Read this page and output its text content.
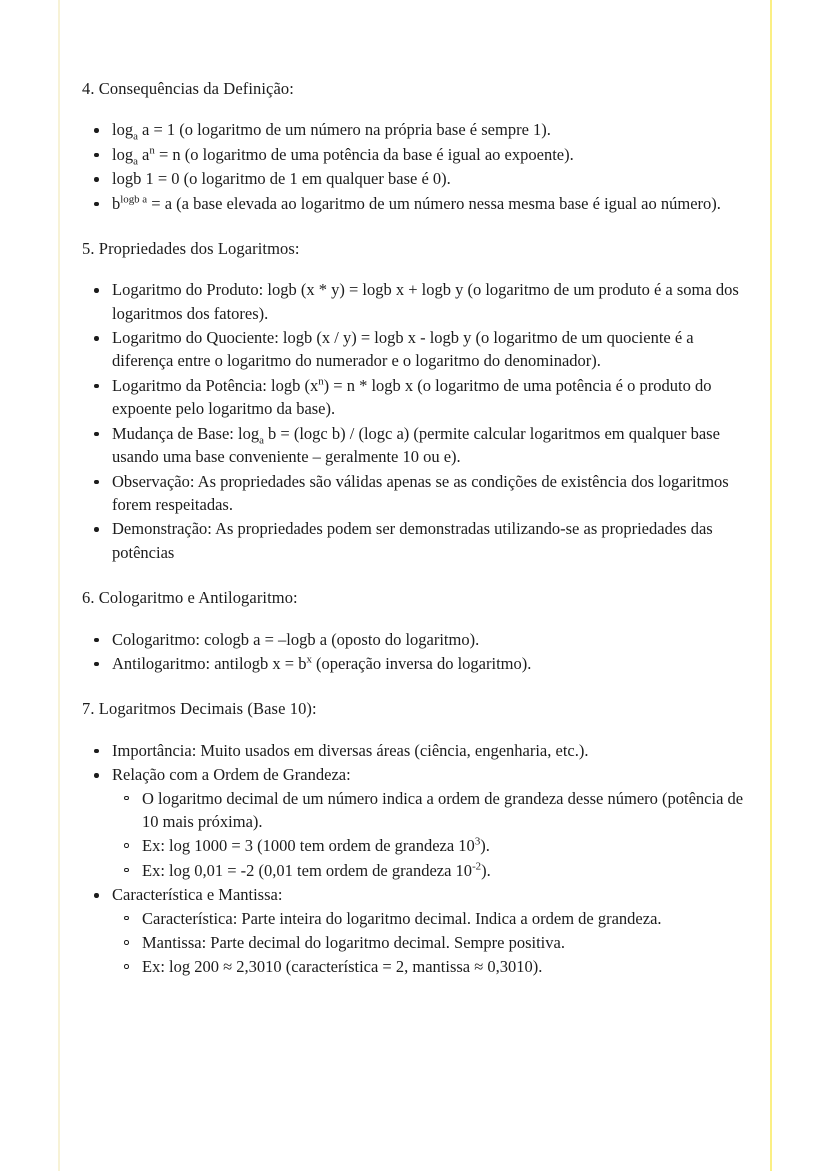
4. Consequências da Definição:
$\log_a a = 1$ (o logaritmo de um número na própria base é sempre 1).
$\log_a a^n = n$ (o logaritmo de uma potência da base é igual ao expoente).
logb 1 = 0 (o logaritmo de 1 em qualquer base é 0).
$b^{logb a} = a$ (a base elevada ao logaritmo de um número nessa mesma base é igual ao número).
5. Propriedades dos Logaritmos:
Logaritmo do Produto: logb (x * y) = logb x + logb y (o logaritmo de um produto é a soma dos logaritmos dos fatores).
Logaritmo do Quociente: logb (x / y) = logb x - logb y (o logaritmo de um quociente é a diferença entre o logaritmo do numerador e o logaritmo do denominador).
Logaritmo da Potência: logb $(x^n) = n * \log b$ x (o logaritmo de uma potência é o produto do expoente pelo logaritmo da base).
Mudança de Base: $\log_a b = (\log c$ b) / (logc a) (permite calcular logaritmos em qualquer base usando uma base conveniente – geralmente 10 ou e).
Observação: As propriedades são válidas apenas se as condições de existência dos logaritmos forem respeitadas.
Demonstração: As propriedades podem ser demonstradas utilizando-se as propriedades das potências
6. Cologaritmo e Antilogaritmo:
Cologaritmo: cologb a = –logb a (oposto do logaritmo).
Antilogaritmo: antilogb $x = b^x$ (operação inversa do logaritmo).
7. Logaritmos Decimais (Base 10):
Importância: Muito usados em diversas áreas (ciência, engenharia, etc.).
Relação com a Ordem de Grandeza:
O logaritmo decimal de um número indica a ordem de grandeza desse número (potência de 10 mais próxima).
Ex: log 1000 = 3 (1000 tem ordem de grandeza $10^3$).
Ex: log 0,01 = -2 (0,01 tem ordem de grandeza $10^{-2}$).
Característica e Mantissa:
Característica: Parte inteira do logaritmo decimal. Indica a ordem de grandeza.
Mantissa: Parte decimal do logaritmo decimal. Sempre positiva.
Ex: log 200 ≈ 2,3010 (característica = 2, mantissa ≈ 0,3010).
